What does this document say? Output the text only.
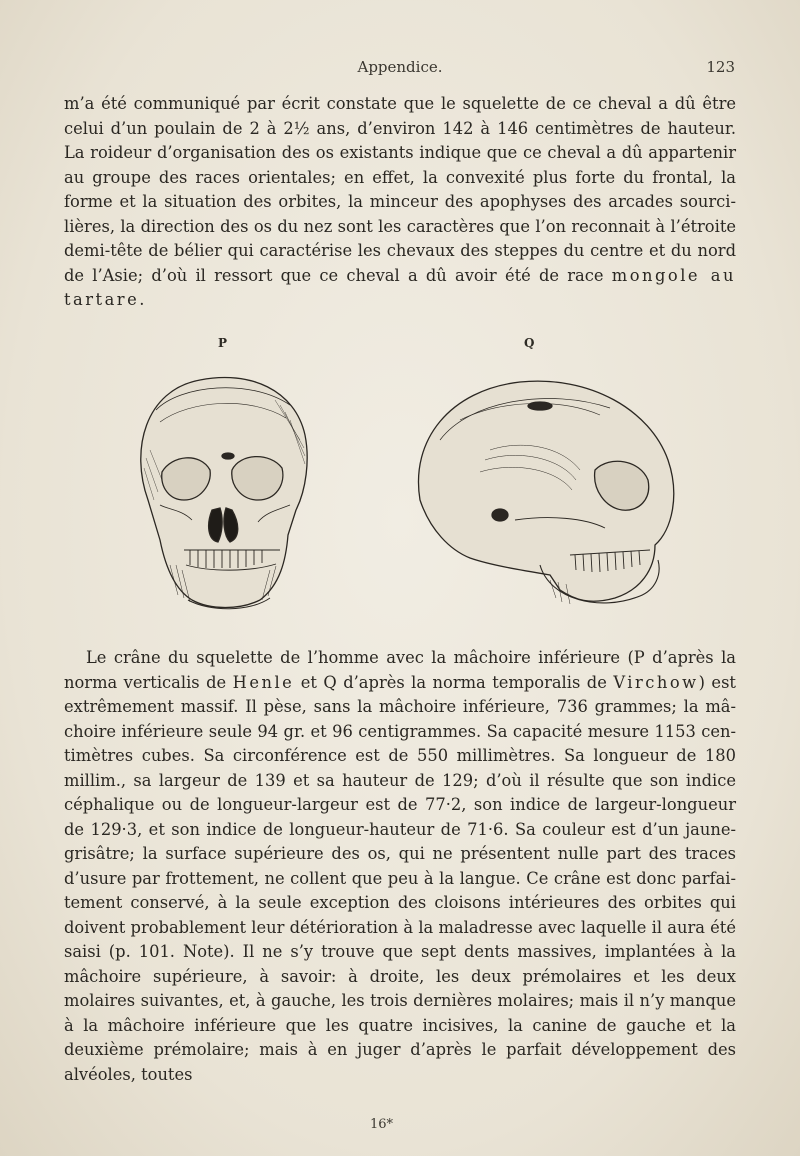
Appendice.	123

m’a été communiqué par écrit constate que le squelette de ce cheval a dû être celui d’un poulain de 2 à 2½ ans, d’environ 142 à 146 centimètres de hauteur. La roideur d’organisation des os existants indique que ce cheval a dû appartenir au groupe des races orientales; en effet, la convexité plus forte du frontal, la forme et la situation des orbites, la minceur des apophyses des arcades sourci- lières, la direction des os du nez sont les caractères que l’on reconnait à l’étroite demi-tête de bélier qui caractérise les chevaux des steppes du centre et du nord de l’Asie; d’où il ressort que ce cheval a dû avoir été de race mongole au tartare.

P	Q

Le crâne du squelette de l’homme avec la mâchoire inférieure (P d’après la norma verticalis de Henle et Q d’après la norma temporalis de Virchow) est extrêmement massif. Il pèse, sans la mâchoire inférieure, 736 grammes; la mâ- choire inférieure seule 94 gr. et 96 centigrammes. Sa capacité mesure 1153 cen- timètres cubes. Sa circonférence est de 550 millimètres. Sa longueur de 180 millim., sa largeur de 139 et sa hauteur de 129; d’où il résulte que son indice céphalique ou de longueur-largeur est de 77·2, son indice de largeur-longueur de 129·3, et son indice de longueur-hauteur de 71·6. Sa couleur est d’un jaune- grisâtre; la surface supérieure des os, qui ne présentent nulle part des traces d’usure par frottement, ne collent que peu à la langue. Ce crâne est donc parfai- tement conservé, à la seule exception des cloisons intérieures des orbites qui doivent probablement leur détérioration à la maladresse avec laquelle il aura été saisi (p. 101. Note). Il ne s’y trouve que sept dents massives, implantées à la mâchoire supérieure, à savoir: à droite, les deux prémolaires et les deux molaires suivantes, et, à gauche, les trois dernières molaires; mais il n’y manque à la mâchoire inférieure que les quatre incisives, la canine de gauche et la deuxième prémolaire; mais à en juger d’après le parfait développement des alvéoles, toutes

16*
